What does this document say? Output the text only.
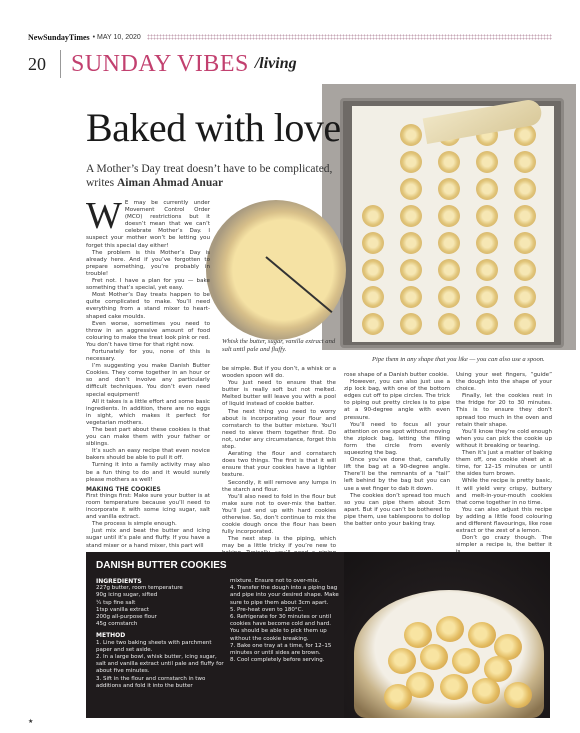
NewSundayTimes • MAY 10, 2020
20	SUNDAY VIBES /living
Baked with love
A Mother’s Day treat doesn’t have to be complicated, writes Aiman Ahmad Anuar
W E may be currently under Movement Control Order (MCO) restrictions but it doesn’t mean that we can’t celebrate Mother’s Day. I suspect your mother won’t be letting you forget this special day either!

The problem is this Mother’s Day is already here. And if you’ve forgotten to prepare something, you’re probably in trouble!

Fret not. I have a plan for you — bake something that’s special, yet easy.

Most Mother’s Day treats happen to be quite complicated to make. You’ll need everything from a stand mixer to heart-shaped cake moulds.

Even worse, sometimes you need to throw in an aggressive amount of food colouring to make the treat look pink or red. You don’t have time for that right now.

Fortunately for you, none of this is necessary.

I’m suggesting you make Danish Butter Cookies. They come together in an hour or so and don’t involve any particularly difficult techniques. You don’t even need special equipment!

All it takes is a little effort and some basic ingredients. In addition, there are no eggs in sight, which makes it perfect for vegetarian mothers.

The best part about these cookies is that you can make them with your father or siblings.

It’s such an easy recipe that even novice bakers should be able to pull it off.

Turning it into a family activity may also be a fun thing to do and it would surely please mothers as well!

MAKING THE COOKIES

First things first: Make sure your butter is at room temperature because you’ll need to incorporate it with some icing sugar, salt and vanilla extract.

The process is simple enough.

Just mix and beat the butter and icing sugar until it’s pale and fluffy. If you have a stand mixer or a hand mixer, this part will

Whisk the butter, sugar, vanilla extract and salt until pale and fluffy.
Pipe them in any shape that you like — you can also use a spoon.

be simple. But if you don’t, a whisk or a wooden spoon will do.

You just need to ensure that the butter is really soft but not melted. Melted butter will leave you with a pool of liquid instead of cookie batter.

The next thing you need to worry about is incorporating your flour and cornstarch to the butter mixture. You’ll need to sieve them together first. Do not, under any circumstance, forget this step.

Aerating the flour and cornstarch does two things. The first is that it will ensure that your cookies have a lighter texture.

Secondly, it will remove any lumps in the starch and flour.

You’ll also need to fold in the flour but make sure not to over-mix the batter. You’ll just end up with hard cookies otherwise. So, don’t continue to mix the cookie dough once the flour has been fully incorporated.

The next step is the piping, which may be a little tricky if you’re new to

rose shape of a Danish butter cookie.

However, you can also just use a zip lock bag, with one of the bottom edges cut off to pipe circles. The trick to piping out pretty circles is to pipe at a 90-degree angle with even pressure.

You’ll need to focus all your attention on one spot without moving the ziplock bag, letting the filling form the circle from evenly squeezing the bag.

Once you’ve done that, carefully lift the bag at a 90-degree angle. There’ll be the remnants of a “tail” left behind by the bag but you can use a wet finger to dab it down.

The cookies don’t spread too much so you can pipe them about 3cm apart. But if you can’t be bothered to pipe them, use tablespoons to dollop the batter onto your baking tray.

Using your wet fingers, “guide” the dough into the shape of your choice.

Finally, let the cookies rest in the fridge for 20 to 30 minutes. This is to ensure they don’t spread too much in the oven and retain their shape.

You’ll know they’re cold enough when you can pick the cookie up without it breaking or tearing.

Then it’s just a matter of baking them off, one cookie sheet at a time, for 12–15 minutes or until the sides turn brown.

While the recipe is pretty basic, it will yield very crispy, buttery and melt-in-your-mouth cookies that come together in no time.

You can also adjust this recipe by adding a little food colouring and different flavourings, like rose extract or the zest of a lemon.

Don’t go crazy though. The simpler a recipe is, the better it

DANISH BUTTER COOKIES
INGREDIENTS
227g butter, room temperature
90g icing sugar, sifted
¼ tsp fine salt
1tsp vanilla extract
200g all-purpose flour
45g cornstarch
METHOD
1. Line two baking sheets with parchment paper and set aside.
2. In a large bowl, whisk butter, icing sugar, salt and vanilla extract until pale and fluffy for about five minutes.
3. Sift in the flour and cornstarch in two additions and fold it into the butter
mixture. Ensure not to over-mix.
4. Transfer the dough into a piping bag and pipe into your desired shape. Make sure to pipe them about 3cm apart.
5. Pre-heat oven to 180°C.
6. Refrigerate for 30 minutes or until cookies have become cold and hard. You should be able to pick them up without the cookie breaking.
7. Bake one tray at a time, for 12–15 minutes or until sides are brown.
8. Cool completely before serving.
★
